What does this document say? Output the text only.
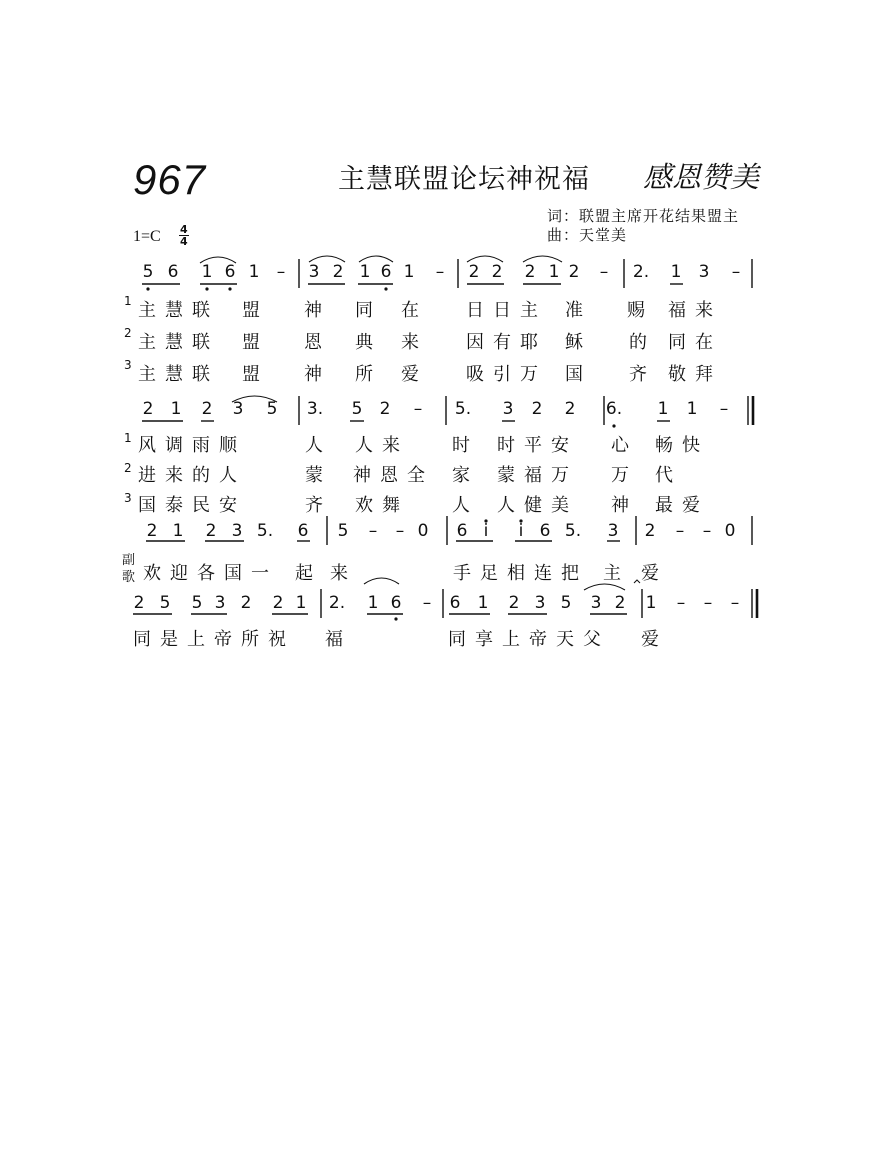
967	主慧联盟论坛神祝福 感恩赞美
词：联盟主席开花结果盟主
曲：天堂美
1=C 4
4
5 6 1 6 1 – 3 2 1 6 1 – 2 2 2 1 2 – 2. 1 3 –
2 1 2 3 5 3. 5 2 – 5. 3 2 2 6. 1 1 –
2 1 2 3 5. 6 5 – – 0 6 i i 6 5. 3 2 – – 0
2 5 5 3 2 2 1 2. 1 6 – 6 1 2 3 5 3 2 1 – – –
1 主慧联 盟 神 同 在 日日主 准 赐 福来
2 主慧联 盟 恩 典 来 因有耶 稣 的 同在
3 主慧联 盟 神 所 爱 吸引万 国 齐 敬拜
1 风调雨顺	人 人来 时 时平安 心 畅快
2 进来的人	蒙 神恩全 家 蒙福万 万 代
3 国泰民安	齐 欢舞 人 人健美 神 最爱
欢迎各国一 起 来	手足相连把 主 爱
同是上帝所祝 福	同享上帝天父 爱
副
歌
